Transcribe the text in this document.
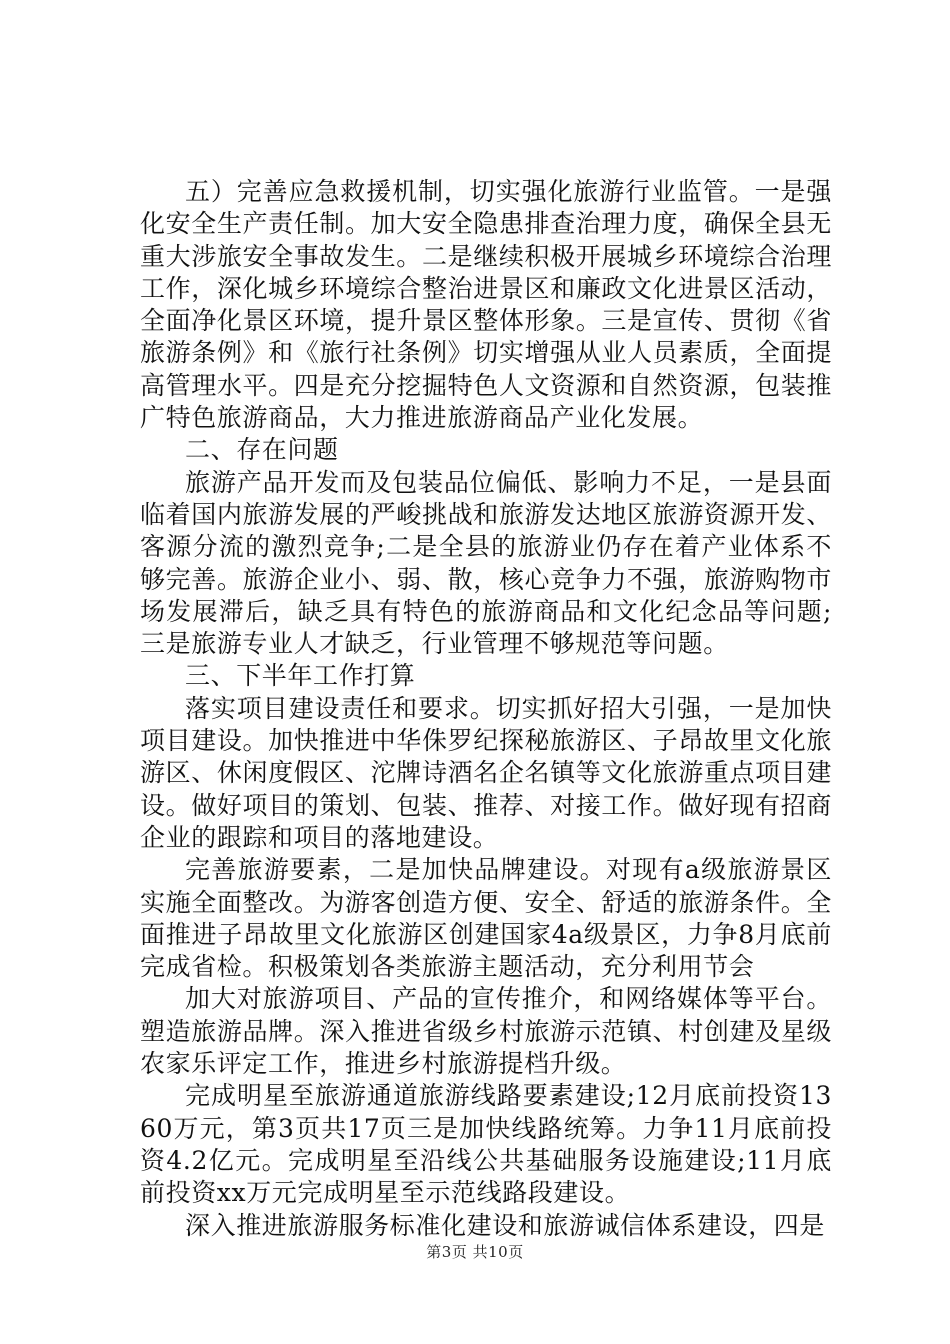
五）完善应急救援机制，切实强化旅游行业监管。一是强化安全生产责任制。加大安全隐患排查治理力度，确保全县无重大涉旅安全事故发生。二是继续积极开展城乡环境综合治理工作，深化城乡环境综合整治进景区和廉政文化进景区活动，全面净化景区环境，提升景区整体形象。三是宣传、贯彻《省旅游条例》和《旅行社条例》切实增强从业人员素质，全面提高管理水平。四是充分挖掘特色人文资源和自然资源，包装推广特色旅游商品，大力推进旅游商品产业化发展。

二、存在问题

旅游产品开发而及包装品位偏低、影响力不足，一是县面临着国内旅游发展的严峻挑战和旅游发达地区旅游资源开发、客源分流的激烈竞争;二是全县的旅游业仍存在着产业体系不够完善。旅游企业小、弱、散，核心竞争力不强，旅游购物市场发展滞后，缺乏具有特色的旅游商品和文化纪念品等问题;三是旅游专业人才缺乏，行业管理不够规范等问题。

三、下半年工作打算

落实项目建设责任和要求。切实抓好招大引强，一是加快项目建设。加快推进中华侏罗纪探秘旅游区、子昂故里文化旅游区、休闲度假区、沱牌诗酒名企名镇等文化旅游重点项目建设。做好项目的策划、包装、推荐、对接工作。做好现有招商企业的跟踪和项目的落地建设。

完善旅游要素，二是加快品牌建设。对现有a级旅游景区实施全面整改。为游客创造方便、安全、舒适的旅游条件。全面推进子昂故里文化旅游区创建国家4a级景区，力争8月底前完成省检。积极策划各类旅游主题活动，充分利用节会

加大对旅游项目、产品的宣传推介，和网络媒体等平台。塑造旅游品牌。深入推进省级乡村旅游示范镇、村创建及星级农家乐评定工作，推进乡村旅游提档升级。

完成明星至旅游通道旅游线路要素建设;12月底前投资1360万元，第3页共17页三是加快线路统筹。力争11月底前投资4.2亿元。完成明星至沿线公共基础服务设施建设;11月底前投资xx万元完成明星至示范线路段建设。

深入推进旅游服务标准化建设和旅游诚信体系建设，四是

第3页 共10页
